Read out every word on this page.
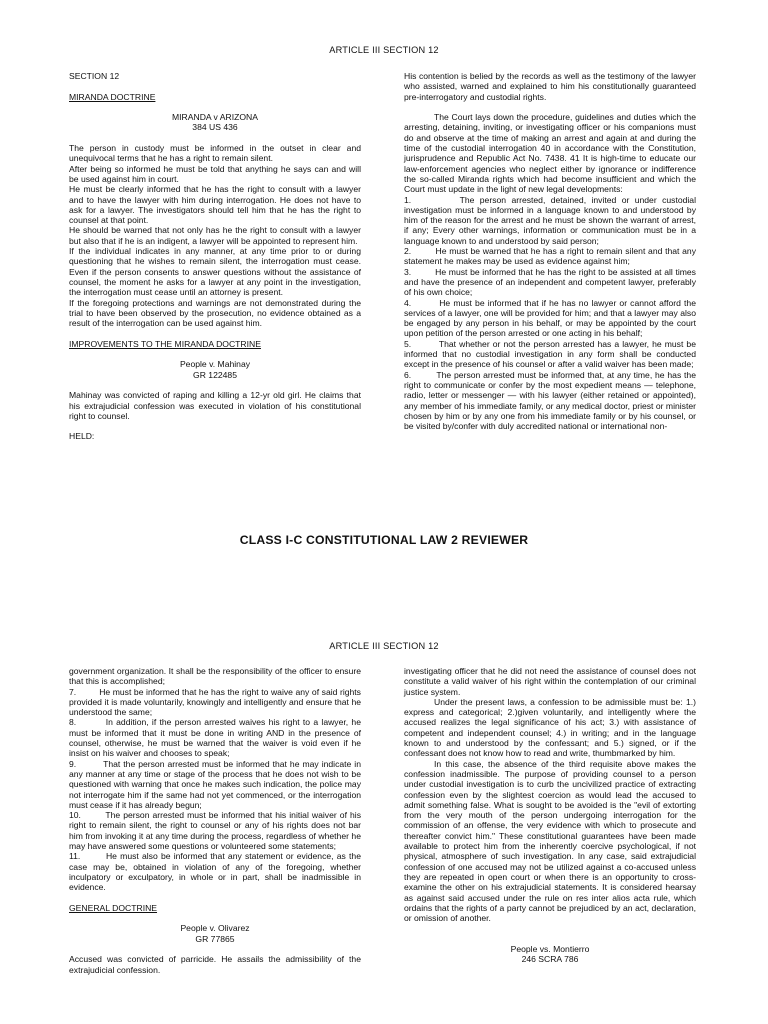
ARTICLE III SECTION 12

SECTION 12

MIRANDA DOCTRINE

MIRANDA v ARIZONA

384 US 436

The person in custody must be informed in the outset in clear and unequivocal terms that he has a right to remain silent.

After being so informed he must be told that anything he says can and will be used against him in court.

He must be clearly informed that he has the right to consult with a lawyer and to have the lawyer with him during interrogation. He does not have to ask for a lawyer. The investigators should tell him that he has the right to counsel at that point.

He should be warned that not only has he the right to consult with a lawyer but also that if he is an indigent, a lawyer will be appointed to represent him.

If the individual indicates in any manner, at any time prior to or during questioning that he wishes to remain silent, the interrogation must cease. Even if the person consents to answer questions without the assistance of counsel, the moment he asks for a lawyer at any point in the investigation, the interrogation must cease until an attorney is present.

If the foregoing protections and warnings are not demonstrated during the trial to have been observed by the prosecution, no evidence obtained as a result of the interrogation can be used against him.

IMPROVEMENTS TO THE MIRANDA DOCTRINE

People v. Mahinay

GR 122485

Mahinay was convicted of raping and killing a 12-yr old girl. He claims that his extrajudicial confession was executed in violation of his constitutional right to counsel.

HELD:

His contention is belied by the records as well as the testimony of the lawyer who assisted, warned and explained to him his constitutionally guaranteed pre-interrogatory and custodial rights.

The Court lays down the procedure, guidelines and duties which the arresting, detaining, inviting, or investigating officer or his companions must do and observe at the time of making an arrest and again at and during the time of the custodial interrogation 40 in accordance with the Constitution, jurisprudence and Republic Act No. 7438. 41 It is high-time to educate our law-enforcement agencies who neglect either by ignorance or indifference the so-called Miranda rights which had become insufficient and which the Court must update in the light of new legal developments:

1.	The person arrested, detained, invited or under custodial investigation must be informed in a language known to and understood by him of the reason for the arrest and he must be shown the warrant of arrest, if any; Every other warnings, information or communication must be in a language known to and understood by said person;

2.	He must be warned that he has a right to remain silent and that any statement he makes may be used as evidence against him;

3.	He must be informed that he has the right to be assisted at all times and have the presence of an independent and competent lawyer, preferably of his own choice;

4.	He must be informed that if he has no lawyer or cannot afford the services of a lawyer, one will be provided for him; and that a lawyer may also be engaged by any person in his behalf, or may be appointed by the court upon petition of the person arrested or one acting in his behalf;

5.	That whether or not the person arrested has a lawyer, he must be informed that no custodial investigation in any form shall be conducted except in the presence of his counsel or after a valid waiver has been made;

6.	The person arrested must be informed that, at any time, he has the right to communicate or confer by the most expedient means — telephone, radio, letter or messenger — with his lawyer (either retained or appointed), any member of his immediate family, or any medical doctor, priest or minister chosen by him or by any one from his immediate family or by his counsel, or be visited by/confer with duly accredited national or international non-

CLASS I-C CONSTITUTIONAL LAW 2 REVIEWER
ARTICLE III SECTION 12

government organization. It shall be the responsibility of the officer to ensure that this is accomplished;

7.	He must be informed that he has the right to waive any of said rights provided it is made voluntarily, knowingly and intelligently and ensure that he understood the same;

8.	In addition, if the person arrested waives his right to a lawyer, he must be informed that it must be done in writing AND in the presence of counsel, otherwise, he must be warned that the waiver is void even if he insist on his waiver and chooses to speak;

9.	That the person arrested must be informed that he may indicate in any manner at any time or stage of the process that he does not wish to be questioned with warning that once he makes such indication, the police may not interrogate him if the same had not yet commenced, or the interrogation must cease if it has already begun;

10.	The person arrested must be informed that his initial waiver of his right to remain silent, the right to counsel or any of his rights does not bar him from invoking it at any time during the process, regardless of whether he may have answered some questions or volunteered some statements;

11.	He must also be informed that any statement or evidence, as the case may be, obtained in violation of any of the foregoing, whether inculpatory or exculpatory, in whole or in part, shall be inadmissible in evidence.

GENERAL DOCTRINE

People v. Olivarez

GR 77865

Accused was convicted of parricide. He assails the admissibility of the extrajudicial confession.

investigating officer that he did not need the assistance of counsel does not constitute a valid waiver of his right within the contemplation of our criminal justice system.

Under the present laws, a confession to be admissible must be: 1.) express and categorical; 2.)given voluntarily, and intelligently where the accused realizes the legal significance of his act; 3.) with assistance of competent and independent counsel; 4.) in writing; and in the language known to and understood by the confessant; and 5.) signed, or if the confessant does not know how to read and write, thumbmarked by him.

In this case, the absence of the third requisite above makes the confession inadmissible. The purpose of providing counsel to a person under custodial investigation is to curb the uncivilized practice of extracting confession even by the slightest coercion as would lead the accused to admit something false. What is sought to be avoided is the "evil of extorting from the very mouth of the person undergoing interrogation for the commission of an offense, the very evidence with which to prosecute and thereafter convict him." These constitutional guarantees have been made available to protect him from the inherently coercive psychological, if not physical, atmosphere of such investigation. In any case, said extrajudicial confession of one accused may not be utilized against a co-accused unless they are repeated in open court or when there is an opportunity to cross-examine the other on his extrajudicial statements. It is considered hearsay as against said accused under the rule on res inter alios acta rule, which ordains that the rights of a party cannot be prejudiced by an act, declaration, or omission of another.

People vs. Montierro

246 SCRA 786
